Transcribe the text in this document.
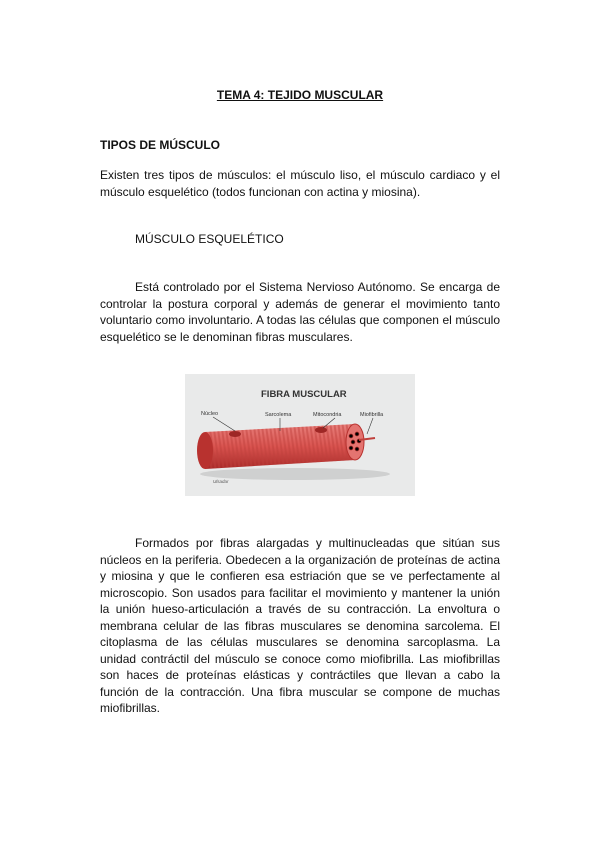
TEMA 4: TEJIDO MUSCULAR
TIPOS DE MÚSCULO

Existen tres tipos de músculos: el músculo liso, el músculo cardiaco y el músculo esquelético (todos funcionan con actina y miosina).

MÚSCULO ESQUELÉTICO

Está controlado por el Sistema Nervioso Autónomo. Se encarga de controlar la postura corporal y además de generar el movimiento tanto voluntario como involuntario. A todas las células que componen el músculo esquelético se le denominan fibras musculares.

FIBRA MUSCULAR
Núcleo	Sarcolema	Mitocondria	Miofibrilla
Ulsadar

Formados por fibras alargadas y multinucleadas que sitúan sus núcleos en la periferia. Obedecen a la organización de proteínas de actina y miosina y que le confieren esa estriación que se ve perfectamente al microscopio. Son usados para facilitar el movimiento y mantener la unión la unión hueso-articulación a través de su contracción. La envoltura o membrana celular de las fibras musculares se denomina sarcolema. El citoplasma de las células musculares se denomina sarcoplasma. La unidad contráctil del músculo se conoce como miofibrilla. Las miofibrillas son haces de proteínas elásticas y contráctiles que llevan a cabo la función de la contracción. Una fibra muscular se compone de muchas miofibrillas.
